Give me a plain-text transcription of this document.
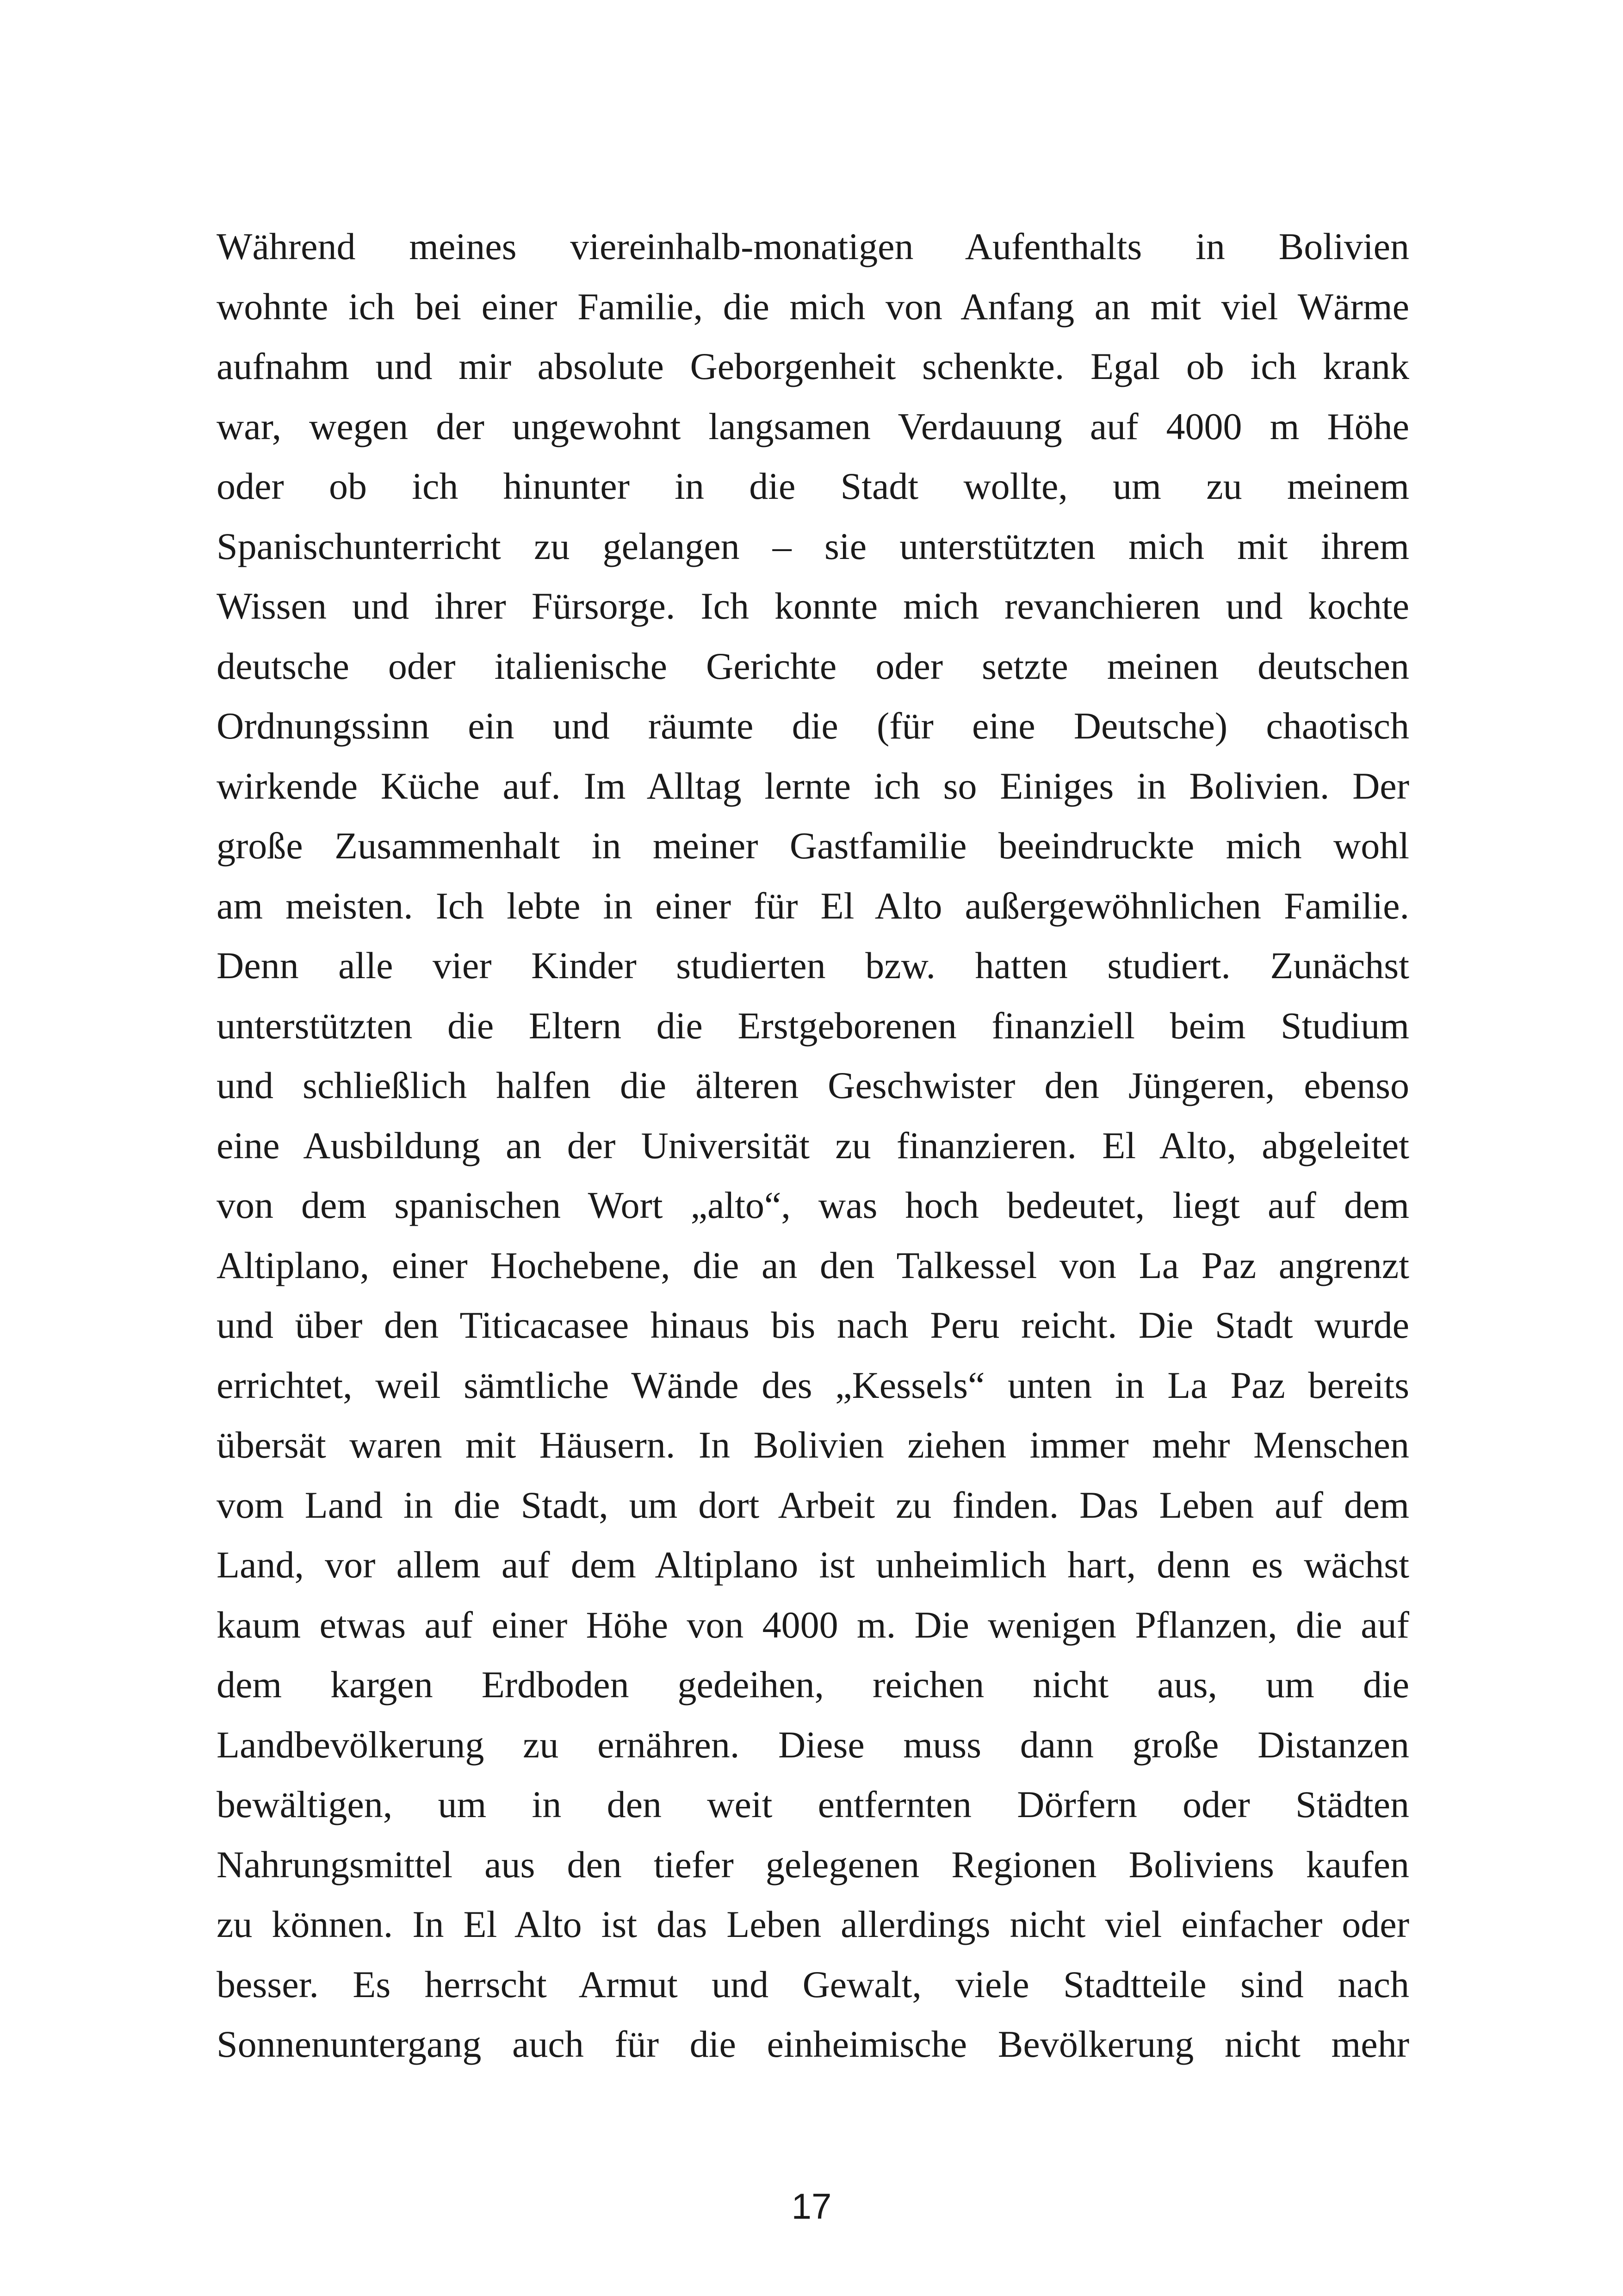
Während meines viereinhalb-monatigen Aufenthalts in Bolivien
wohnte ich bei einer Familie, die mich von Anfang an mit viel Wärme
aufnahm und mir absolute Geborgenheit schenkte. Egal ob ich krank
war, wegen der ungewohnt langsamen Verdauung auf 4000 m Höhe
oder ob ich hinunter in die Stadt wollte, um zu meinem
Spanischunterricht zu gelangen – sie unterstützten mich mit ihrem
Wissen und ihrer Fürsorge. Ich konnte mich revanchieren und kochte
deutsche oder italienische Gerichte oder setzte meinen deutschen
Ordnungssinn ein und räumte die (für eine Deutsche) chaotisch
wirkende Küche auf. Im Alltag lernte ich so Einiges in Bolivien. Der
große Zusammenhalt in meiner Gastfamilie beeindruckte mich wohl
am meisten. Ich lebte in einer für El Alto außergewöhnlichen Familie.
Denn alle vier Kinder studierten bzw. hatten studiert. Zunächst
unterstützten die Eltern die Erstgeborenen finanziell beim Studium
und schließlich halfen die älteren Geschwister den Jüngeren, ebenso
eine Ausbildung an der Universität zu finanzieren. El Alto, abgeleitet
von dem spanischen Wort „alto“, was hoch bedeutet, liegt auf dem
Altiplano, einer Hochebene, die an den Talkessel von La Paz angrenzt
und über den Titicacasee hinaus bis nach Peru reicht. Die Stadt wurde
errichtet, weil sämtliche Wände des „Kessels“ unten in La Paz bereits
übersät waren mit Häusern. In Bolivien ziehen immer mehr Menschen
vom Land in die Stadt, um dort Arbeit zu finden. Das Leben auf dem
Land, vor allem auf dem Altiplano ist unheimlich hart, denn es wächst
kaum etwas auf einer Höhe von 4000 m. Die wenigen Pflanzen, die auf
dem kargen Erdboden gedeihen, reichen nicht aus, um die
Landbevölkerung zu ernähren. Diese muss dann große Distanzen
bewältigen, um in den weit entfernten Dörfern oder Städten
Nahrungsmittel aus den tiefer gelegenen Regionen Boliviens kaufen
zu können. In El Alto ist das Leben allerdings nicht viel einfacher oder
besser. Es herrscht Armut und Gewalt, viele Stadtteile sind nach
Sonnenuntergang auch für die einheimische Bevölkerung nicht mehr
17
